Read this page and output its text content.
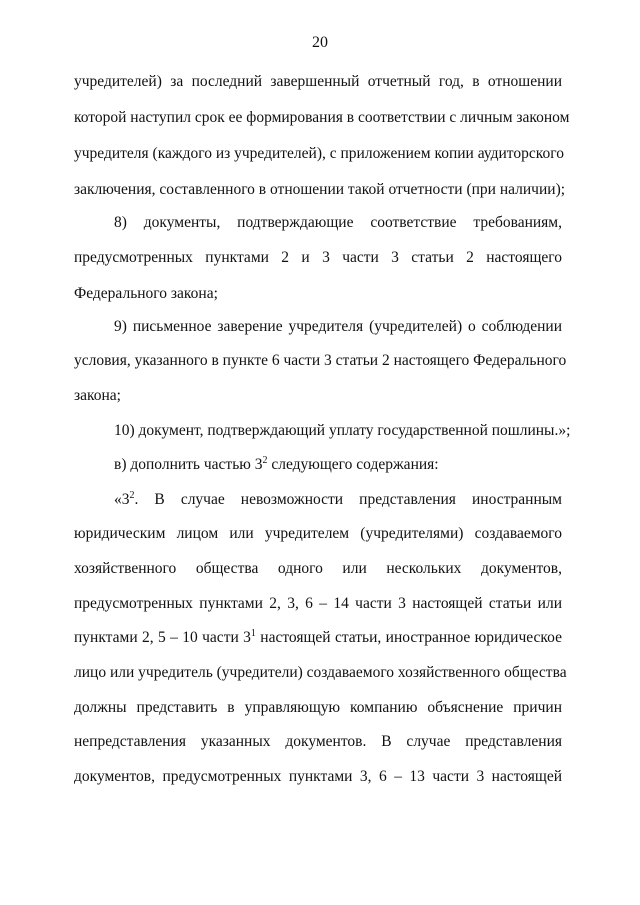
20
учредителей) за последний завершенный отчетный год, в отношении
которой наступил срок ее формирования в соответствии с личным законом
учредителя (каждого из учредителей), с приложением копии аудиторского
заключения, составленного в отношении такой отчетности (при наличии);
8) документы, подтверждающие соответствие требованиям,
предусмотренных пунктами 2 и 3 части 3 статьи 2 настоящего
Федерального закона;
9) письменное заверение учредителя (учредителей) о соблюдении
условия, указанного в пункте 6 части 3 статьи 2 настоящего Федерального
закона;
10) документ, подтверждающий уплату государственной пошлины.»;
в) дополнить частью $3^2$ следующего содержания:
«$3^2$. В случае невозможности представления иностранным
юридическим лицом или учредителем (учредителями) создаваемого
хозяйственного общества одного или нескольких документов,
предусмотренных пунктами 2, 3, 6 – 14 части 3 настоящей статьи или
пунктами 2, 5 – 10 части $3^1$ настоящей статьи, иностранное юридическое
лицо или учредитель (учредители) создаваемого хозяйственного общества
должны представить в управляющую компанию объяснение причин
непредставления указанных документов. В случае представления
документов, предусмотренных пунктами 3, 6 – 13 части 3 настоящей
